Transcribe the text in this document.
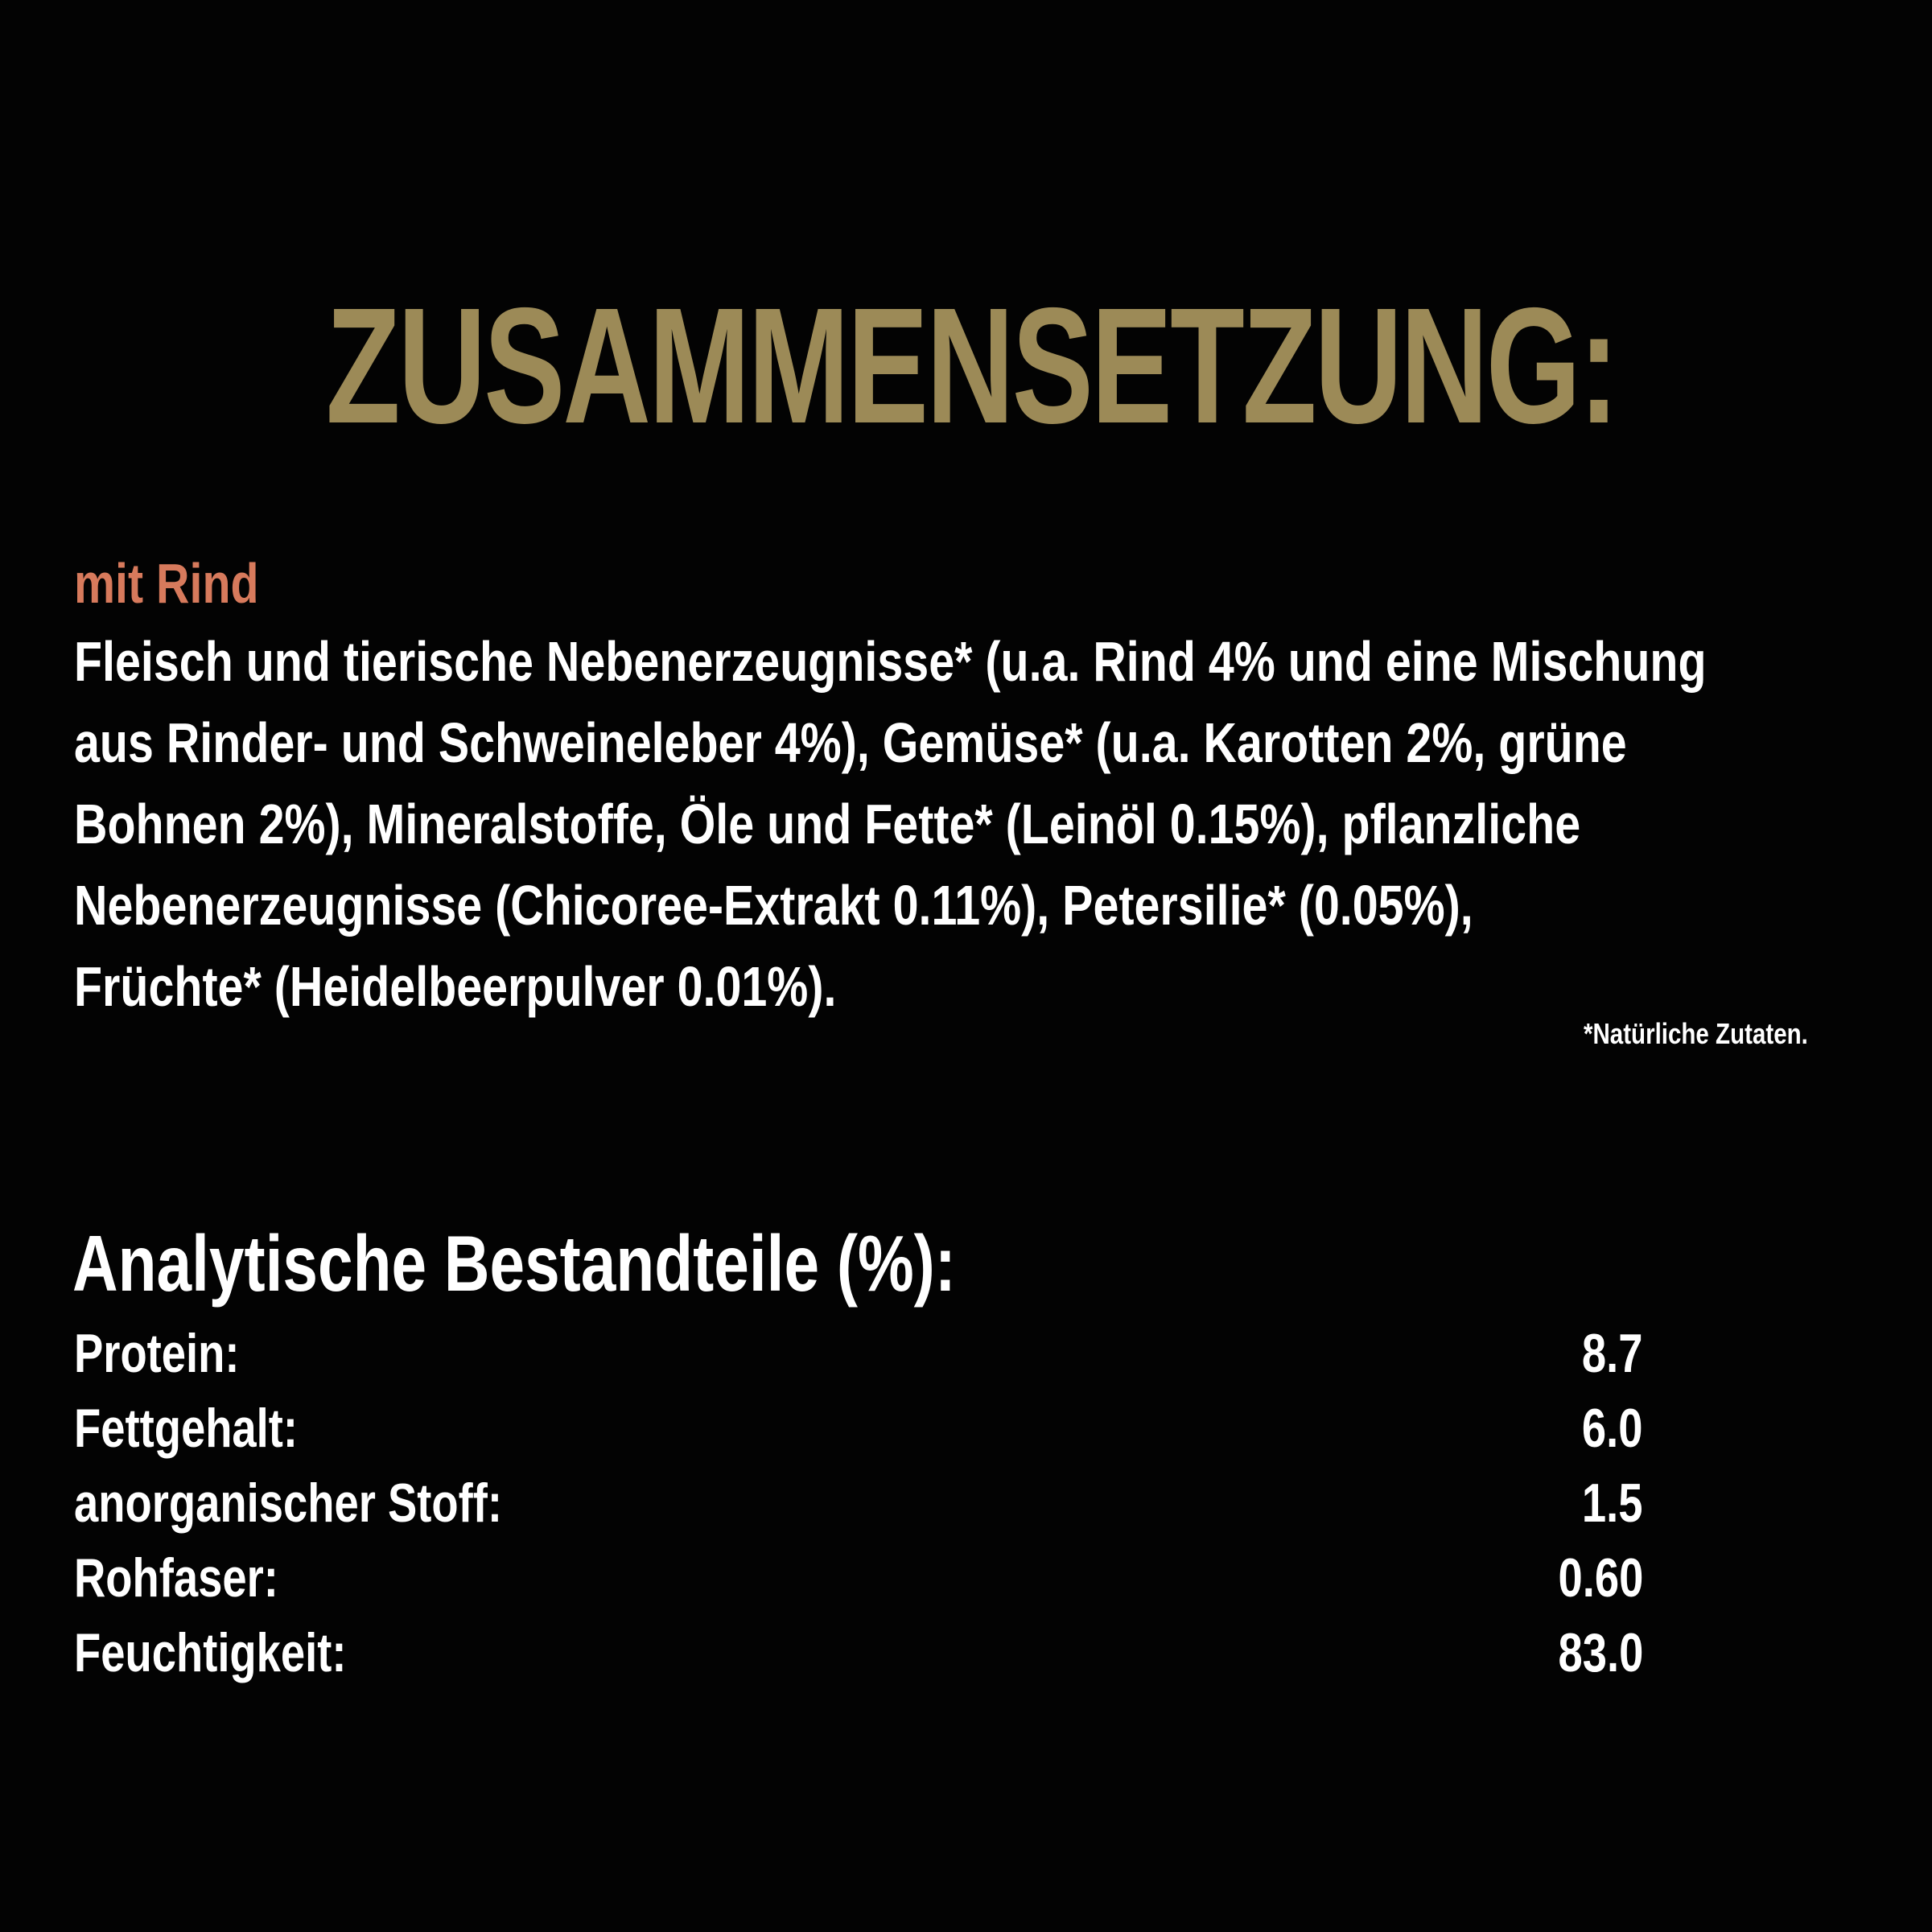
ZUSAMMENSETZUNG:
mit Rind
Fleisch und tierische Nebenerzeugnisse* (u.a. Rind 4% und eine Mischung
aus Rinder- und Schweineleber 4%), Gemüse* (u.a. Karotten 2%, grüne
Bohnen 2%), Mineralstoffe, Öle und Fette* (Leinöl 0.15%), pflanzliche
Nebenerzeugnisse (Chicoree-Extrakt 0.11%), Petersilie* (0.05%),
Früchte* (Heidelbeerpulver 0.01%).
*Natürliche Zutaten.
Analytische Bestandteile (%):
Protein:	8.7
Fettgehalt:	6.0
anorganischer Stoff:	1.5
Rohfaser:	0.60
Feuchtigkeit:	83.0
